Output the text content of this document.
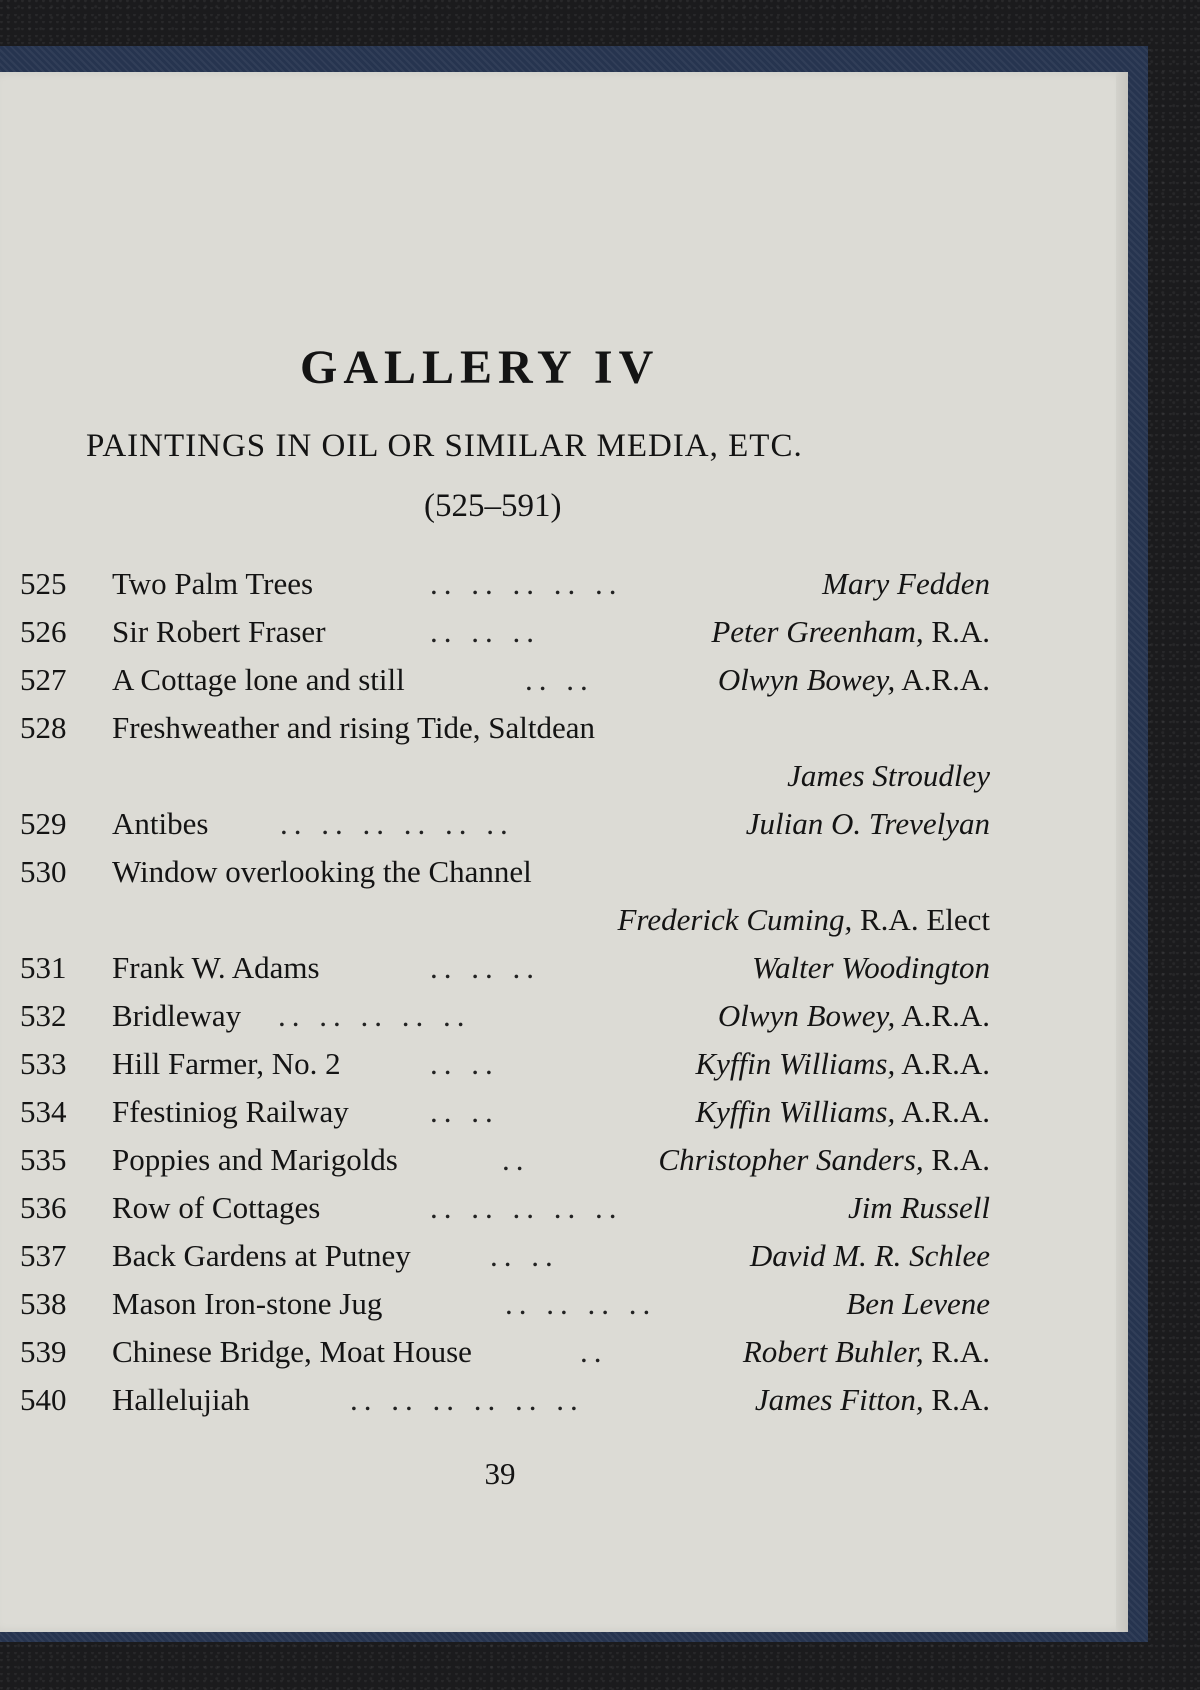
GALLERY IV
PAINTINGS IN OIL OR SIMILAR MEDIA, ETC.
(525–591)
525 Two Palm Trees	.. .. .. .. ..	Mary Fedden
526 Sir Robert Fraser	.. .. ..	Peter Greenham, R.A.
527 A Cottage lone and still	.. ..	Olwyn Bowey, A.R.A.
528 Freshweather and rising Tide, Saltdean
James Stroudley
529 Antibes .. .. .. .. .. ..	Julian O. Trevelyan
530 Window overlooking the Channel
Frederick Cuming, R.A. Elect
531 Frank W. Adams	.. .. ..	Walter Woodington
532 Bridleway .. .. .. .. ..	Olwyn Bowey, A.R.A.
533 Hill Farmer, No. 2	.. ..	Kyffin Williams, A.R.A.
534 Ffestiniog Railway	.. ..	Kyffin Williams, A.R.A.
535 Poppies and Marigolds	..	Christopher Sanders, R.A.
536 Row of Cottages	.. .. .. .. ..	Jim Russell
537 Back Gardens at Putney	.. ..	David M. R. Schlee
538 Mason Iron-stone Jug	.. .. .. ..	Ben Levene
539 Chinese Bridge, Moat House	..	Robert Buhler, R.A.
540 Hallelujiah	.. .. .. .. .. ..	James Fitton, R.A.
39
